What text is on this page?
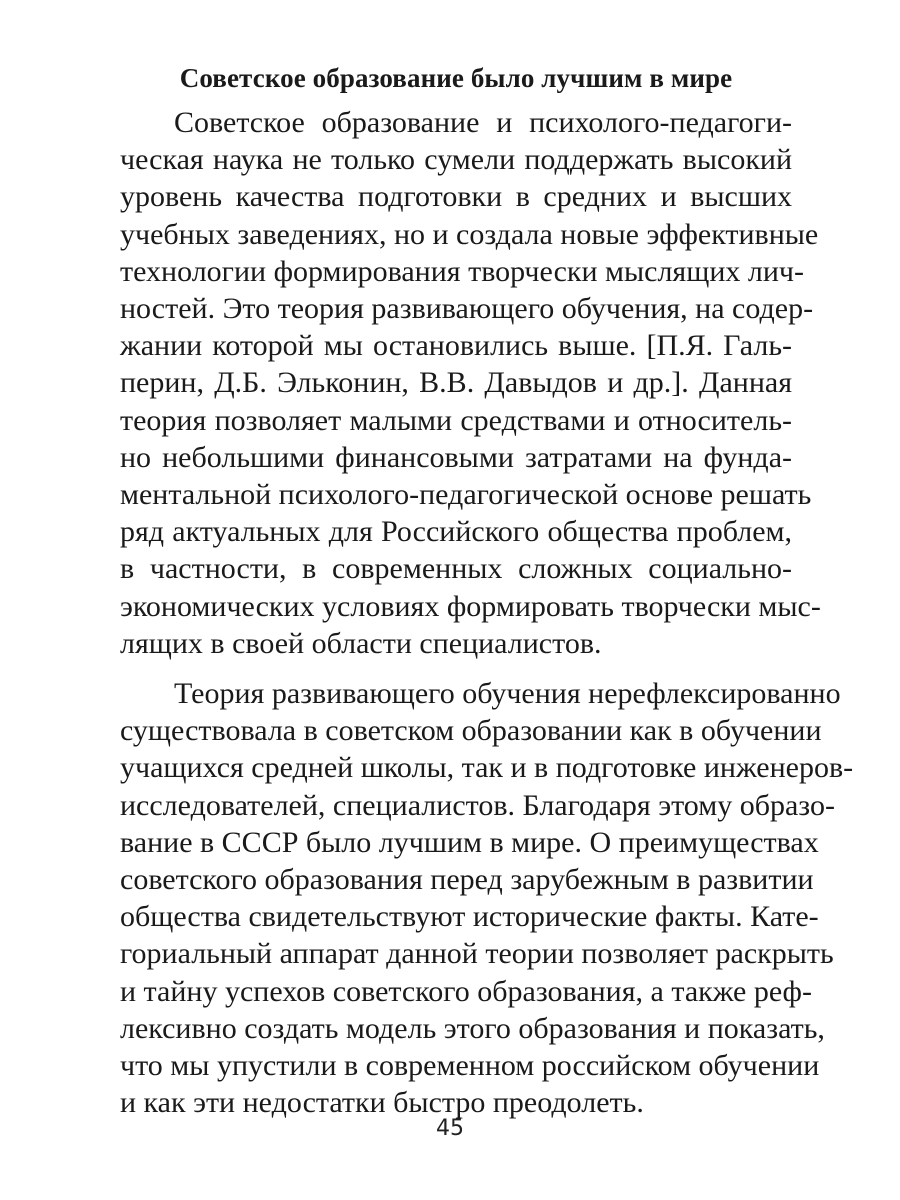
Советское образование было лучшим в мире
Советское образование и психолого-педагоги-
ческая наука не только сумели поддержать высокий
уровень качества подготовки в средних и высших
учебных заведениях, но и создала новые эффективные
технологии формирования творчески мыслящих лич-
ностей. Это теория развивающего обучения, на содер-
жании которой мы остановились выше. [П.Я. Галь-
перин, Д.Б. Эльконин, В.В. Давыдов и др.]. Данная
теория позволяет малыми средствами и относитель-
но небольшими финансовыми затратами на фунда-
ментальной психолого-педагогической основе решать
ряд актуальных для Российского общества проблем,
в частности, в современных сложных социально-
экономических условиях формировать творчески мыс-
лящих в своей области специалистов.
Теория развивающего обучения нерефлексированно
существовала в советском образовании как в обучении
учащихся средней школы, так и в подготовке инженеров-
исследователей, специалистов. Благодаря этому образо-
вание в СССР было лучшим в мире. О преимуществах
советского образования перед зарубежным в развитии
общества свидетельствуют исторические факты. Кате-
гориальный аппарат данной теории позволяет раскрыть
и тайну успехов советского образования, а также реф-
лексивно создать модель этого образования и показать,
что мы упустили в современном российском обучении
и как эти недостатки быстро преодолеть.
45
